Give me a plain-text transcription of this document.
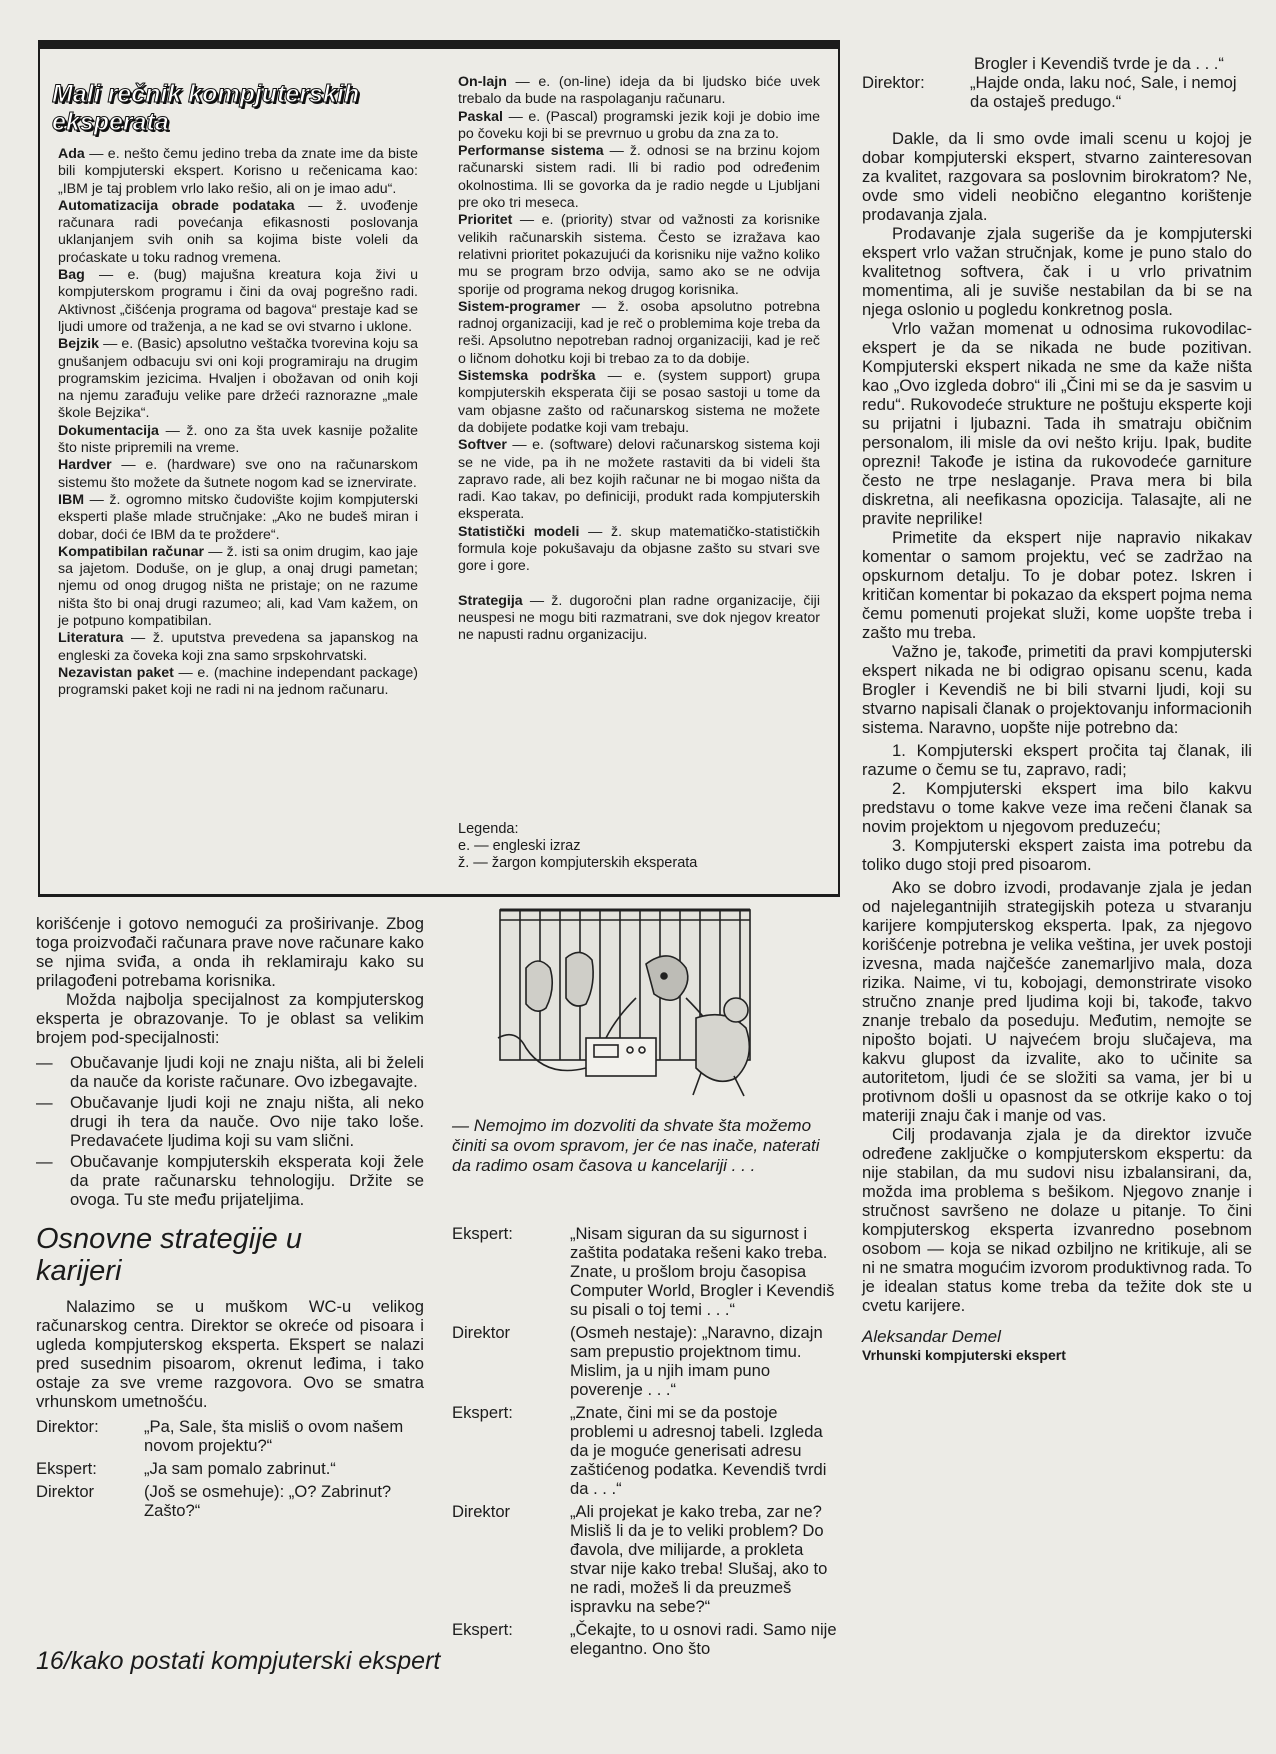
Mali rečnik kompjuterskih eksperata

Ada — e. nešto čemu jedino treba da znate ime da biste bili kompjuterski ekspert. Korisno u rečenicama kao: „IBM je taj problem vrlo lako rešio, ali on je imao adu“.

Automatizacija obrade podataka — ž. uvođenje računara radi povećanja efikasnosti poslovanja uklanjanjem svih onih sa kojima biste voleli da proćaskate u toku radnog vremena.

Bag — e. (bug) majušna kreatura koja živi u kompjuterskom programu i čini da ovaj pogrešno radi. Aktivnost „čišćenja programa od bagova“ prestaje kad se ljudi umore od traženja, a ne kad se ovi stvarno i uklone.

Bejzik — e. (Basic) apsolutno veštačka tvorevina koju sa gnušanjem odbacuju svi oni koji programiraju na drugim programskim jezicima. Hvaljen i obožavan od onih koji na njemu zarađuju velike pare držeći raznorazne „male škole Bejzika“.

Dokumentacija — ž. ono za šta uvek kasnije požalite što niste pripremili na vreme.

Hardver — e. (hardware) sve ono na računarskom sistemu što možete da šutnete nogom kad se iznervirate.

IBM — ž. ogromno mitsko čudovište kojim kompjuterski eksperti plaše mlade stručnjake: „Ako ne budeš miran i dobar, doći će IBM da te proždere“.

Kompatibilan računar — ž. isti sa onim drugim, kao jaje sa jajetom. Doduše, on je glup, a onaj drugi pametan; njemu od onog drugog ništa ne pristaje; on ne razume ništa što bi onaj drugi razumeo; ali, kad Vam kažem, on je potpuno kompatibilan.

Literatura — ž. uputstva prevedena sa japanskog na engleski za čoveka koji zna samo srpskohrvatski.

Nezavistan paket — e. (machine independant package) programski paket koji ne radi ni na jednom računaru.

On-lajn — e. (on-line) ideja da bi ljudsko biće uvek trebalo da bude na raspolaganju računaru.

Paskal — e. (Pascal) programski jezik koji je dobio ime po čoveku koji bi se prevrnuo u grobu da zna za to.

Performanse sistema — ž. odnosi se na brzinu kojom računarski sistem radi. Ili bi radio pod određenim okolnostima. Ili se govorka da je radio negde u Ljubljani pre oko tri meseca.

Prioritet — e. (priority) stvar od važnosti za korisnike velikih računarskih sistema. Često se izražava kao relativni prioritet pokazujući da korisniku nije važno koliko mu se program brzo odvija, samo ako se ne odvija sporije od programa nekog drugog korisnika.

Sistem-programer — ž. osoba apsolutno potrebna radnoj organizaciji, kad je reč o problemima koje treba da reši. Apsolutno nepotreban radnoj organizaciji, kad je reč o ličnom dohotku koji bi trebao za to da dobije.

Sistemska podrška — e. (system support) grupa kompjuterskih eksperata čiji se posao sastoji u tome da vam objasne zašto od računarskog sistema ne možete da dobijete podatke koji vam trebaju.

Softver — e. (software) delovi računarskog sistema koji se ne vide, pa ih ne možete rastaviti da bi videli šta zapravo rade, ali bez kojih računar ne bi mogao ništa da radi. Kao takav, po definiciji, produkt rada kompjuterskih eksperata.

Statistički modeli — ž. skup matematičko-statističkih formula koje pokušavaju da objasne zašto su stvari sve gore i gore.

Strategija — ž. dugoročni plan radne organizacije, čiji neuspesi ne mogu biti razmatrani, sve dok njegov kreator ne napusti radnu organizaciju.

Legenda:

e. — engleski izraz

ž. — žargon kompjuterskih eksperata

korišćenje i gotovo nemogući za proširivanje. Zbog toga proizvođači računara prave nove računare kako se njima sviđa, a onda ih reklamiraju kako su prilagođeni potrebama korisnika.

Možda najbolja specijalnost za kompjuterskog eksperta je obrazovanje. To je oblast sa velikim brojem pod-specijalnosti:

— Obučavanje ljudi koji ne znaju ništa, ali bi želeli da nauče da koriste računare. Ovo izbegavajte.
— Obučavanje ljudi koji ne znaju ništa, ali neko drugi ih tera da nauče. Ovo nije tako loše. Predavaćete ljudima koji su vam slični.
— Obučavanje kompjuterskih eksperata koji žele da prate računarsku tehnologiju. Držite se ovoga. Tu ste među prijateljima.
Osnovne strategije u karijeri

Nalazimo se u muškom WC-u velikog računarskog centra. Direktor se okreće od pisoara i ugleda kompjuterskog eksperta. Ekspert se nalazi pred susednim pisoarom, okrenut leđima, i tako ostaje za sve vreme razgovora. Ovo se smatra vrhunskom umetnošću.

Direktor:	„Pa, Sale, šta misliš o ovom našem novom projektu?“
Ekspert:	„Ja sam pomalo zabrinut.“
Direktor	(Još se osmehuje): „O? Zabrinut? Zašto?“
16/kako postati kompjuterski ekspert
— Nemojmo im dozvoliti da shvate šta možemo činiti sa ovom spravom, jer će nas inače, naterati da radimo osam časova u kancelariji . . .
Ekspert:	„Nisam siguran da su sigurnost i zaštita podataka rešeni kako treba. Znate, u prošlom broju časopisa Computer World, Brogler i Kevendiš su pisali o toj temi . . .“
Direktor	(Osmeh nestaje): „Naravno, dizajn sam prepustio projektnom timu. Mislim, ja u njih imam puno poverenje . . .“
Ekspert:	„Znate, čini mi se da postoje problemi u adresnoj tabeli. Izgleda da je moguće generisati adresu zaštićenog podatka. Kevendiš tvrdi da . . .“
Direktor	„Ali projekat je kako treba, zar ne? Misliš li da je to veliki problem? Do đavola, dve milijarde, a prokleta stvar nije kako treba! Slušaj, ako to ne radi, možeš li da preuzmeš ispravku na sebe?“
Ekspert:	„Čekajte, to u osnovi radi. Samo nije elegantno. Ono što

Brogler i Kevendiš tvrde je da . . .“

Direktor:	„Hajde onda, laku noć, Sale, i nemoj da ostaješ predugo.“

Dakle, da li smo ovde imali scenu u kojoj je dobar kompjuterski ekspert, stvarno zainteresovan za kvalitet, razgovara sa poslovnim birokratom? Ne, ovde smo videli neobično elegantno korištenje prodavanja zjala.

Prodavanje zjala sugeriše da je kompjuterski ekspert vrlo važan stručnjak, kome je puno stalo do kvalitetnog softvera, čak i u vrlo privatnim momentima, ali je suviše nestabilan da bi se na njega oslonio u pogledu konkretnog posla.

Vrlo važan momenat u odnosima rukovodilac-ekspert je da se nikada ne bude pozitivan. Kompjuterski ekspert nikada ne sme da kaže ništa kao „Ovo izgleda dobro“ ili „Čini mi se da je sasvim u redu“. Rukovodeće strukture ne poštuju eksperte koji su prijatni i ljubazni. Tada ih smatraju običnim personalom, ili misle da ovi nešto kriju. Ipak, budite oprezni! Takođe je istina da rukovodeće garniture često ne trpe neslaganje. Prava mera bi bila diskretna, ali neefikasna opozicija. Talasajte, ali ne pravite neprilike!

Primetite da ekspert nije napravio nikakav komentar o samom projektu, već se zadržao na opskurnom detalju. To je dobar potez. Iskren i kritičan komentar bi pokazao da ekspert pojma nema čemu pomenuti projekat služi, kome uopšte treba i zašto mu treba.

Važno je, takođe, primetiti da pravi kompjuterski ekspert nikada ne bi odigrao opisanu scenu, kada Brogler i Kevendiš ne bi bili stvarni ljudi, koji su stvarno napisali članak o projektovanju informacionih sistema. Naravno, uopšte nije potrebno da:

1. Kompjuterski ekspert pročita taj članak, ili razume o čemu se tu, zapravo, radi;
2. Kompjuterski ekspert ima bilo kakvu predstavu o tome kakve veze ima rečeni članak sa novim projektom u njegovom preduzeću;
3. Kompjuterski ekspert zaista ima potrebu da toliko dugo stoji pred pisoarom.

Ako se dobro izvodi, prodavanje zjala je jedan od najelegantnijih strategijskih poteza u stvaranju karijere kompjuterskog eksperta. Ipak, za njegovo korišćenje potrebna je velika veština, jer uvek postoji izvesna, mada najčešće zanemarljivo mala, doza rizika. Naime, vi tu, kobojagi, demonstrirate visoko stručno znanje pred ljudima koji bi, takođe, takvo znanje trebalo da poseduju. Međutim, nemojte se nipošto bojati. U najvećem broju slučajeva, ma kakvu glupost da izvalite, ako to učinite sa autoritetom, ljudi će se složiti sa vama, jer bi u protivnom došli u opasnost da se otkrije kako o toj materiji znaju čak i manje od vas.

Cilj prodavanja zjala je da direktor izvuče određene zaključke o kompjuterskom ekspertu: da nije stabilan, da mu sudovi nisu izbalansirani, da, možda ima problema s bešikom. Njegovo znanje i stručnost savršeno ne dolaze u pitanje. To čini kompjuterskog eksperta izvanredno posebnom osobom — koja se nikad ozbiljno ne kritikuje, ali se ni ne smatra mogućim izvorom produktivnog rada. To je idealan status kome treba da težite dok ste u cvetu karijere.

Aleksandar Demel

Vrhunski kompjuterski ekspert
